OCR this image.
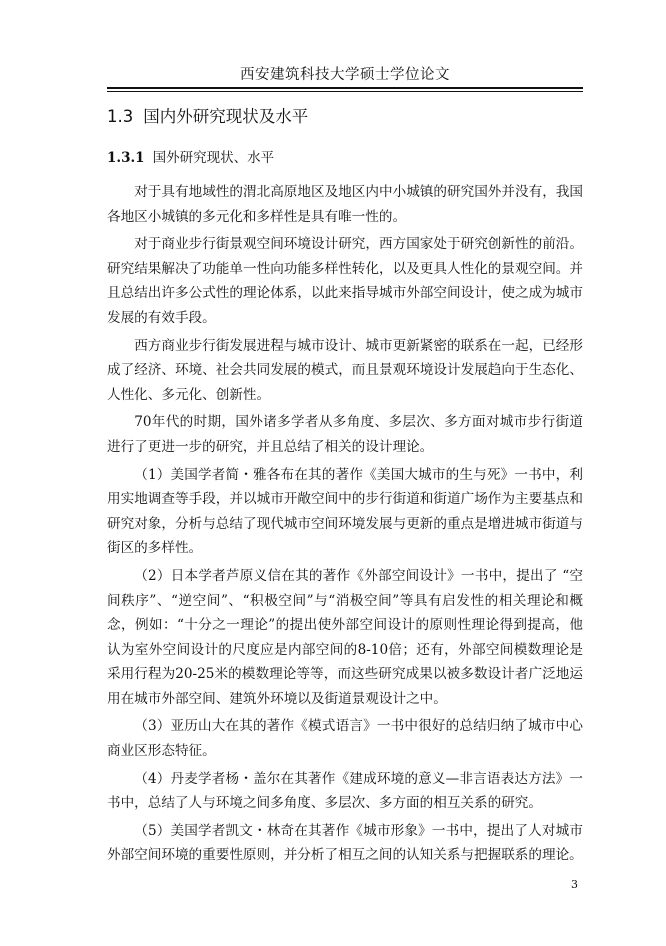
西安建筑科技大学硕士学位论文
1.3 国内外研究现状及水平
1.3.1 国外研究现状、水平

对于具有地域性的渭北高原地区及地区内中小城镇的研究国外并没有，我国各地区小城镇的多元化和多样性是具有唯一性的。

对于商业步行街景观空间环境设计研究，西方国家处于研究创新性的前沿。研究结果解决了功能单一性向功能多样性转化，以及更具人性化的景观空间。并且总结出许多公式性的理论体系，以此来指导城市外部空间设计，使之成为城市发展的有效手段。

西方商业步行街发展进程与城市设计、城市更新紧密的联系在一起，已经形成了经济、环境、社会共同发展的模式，而且景观环境设计发展趋向于生态化、人性化、多元化、创新性。

70年代的时期，国外诸多学者从多角度、多层次、多方面对城市步行街道进行了更进一步的研究，并且总结了相关的设计理论。

（1）美国学者简・雅各布在其的著作《美国大城市的生与死》一书中，利用实地调查等手段，并以城市开敞空间中的步行街道和街道广场作为主要基点和研究对象，分析与总结了现代城市空间环境发展与更新的重点是增进城市街道与街区的多样性。

（2）日本学者芦原义信在其的著作《外部空间设计》一书中，提出了 “空间秩序”、“逆空间”、“积极空间”与“消极空间”等具有启发性的相关理论和概念，例如：“十分之一理论”的提出使外部空间设计的原则性理论得到提高，他认为室外空间设计的尺度应是内部空间的8-10倍；还有，外部空间模数理论是采用行程为20-25米的模数理论等等，而这些研究成果以被多数设计者广泛地运用在城市外部空间、建筑外环境以及街道景观设计之中。

（3）亚历山大在其的著作《模式语言》一书中很好的总结归纳了城市中心商业区形态特征。

（4）丹麦学者杨・盖尔在其著作《建成环境的意义—非言语表达方法》一书中，总结了人与环境之间多角度、多层次、多方面的相互关系的研究。

（5）美国学者凯文・林奇在其著作《城市形象》一书中，提出了人对城市外部空间环境的重要性原则，并分析了相互之间的认知关系与把握联系的理论。

3
